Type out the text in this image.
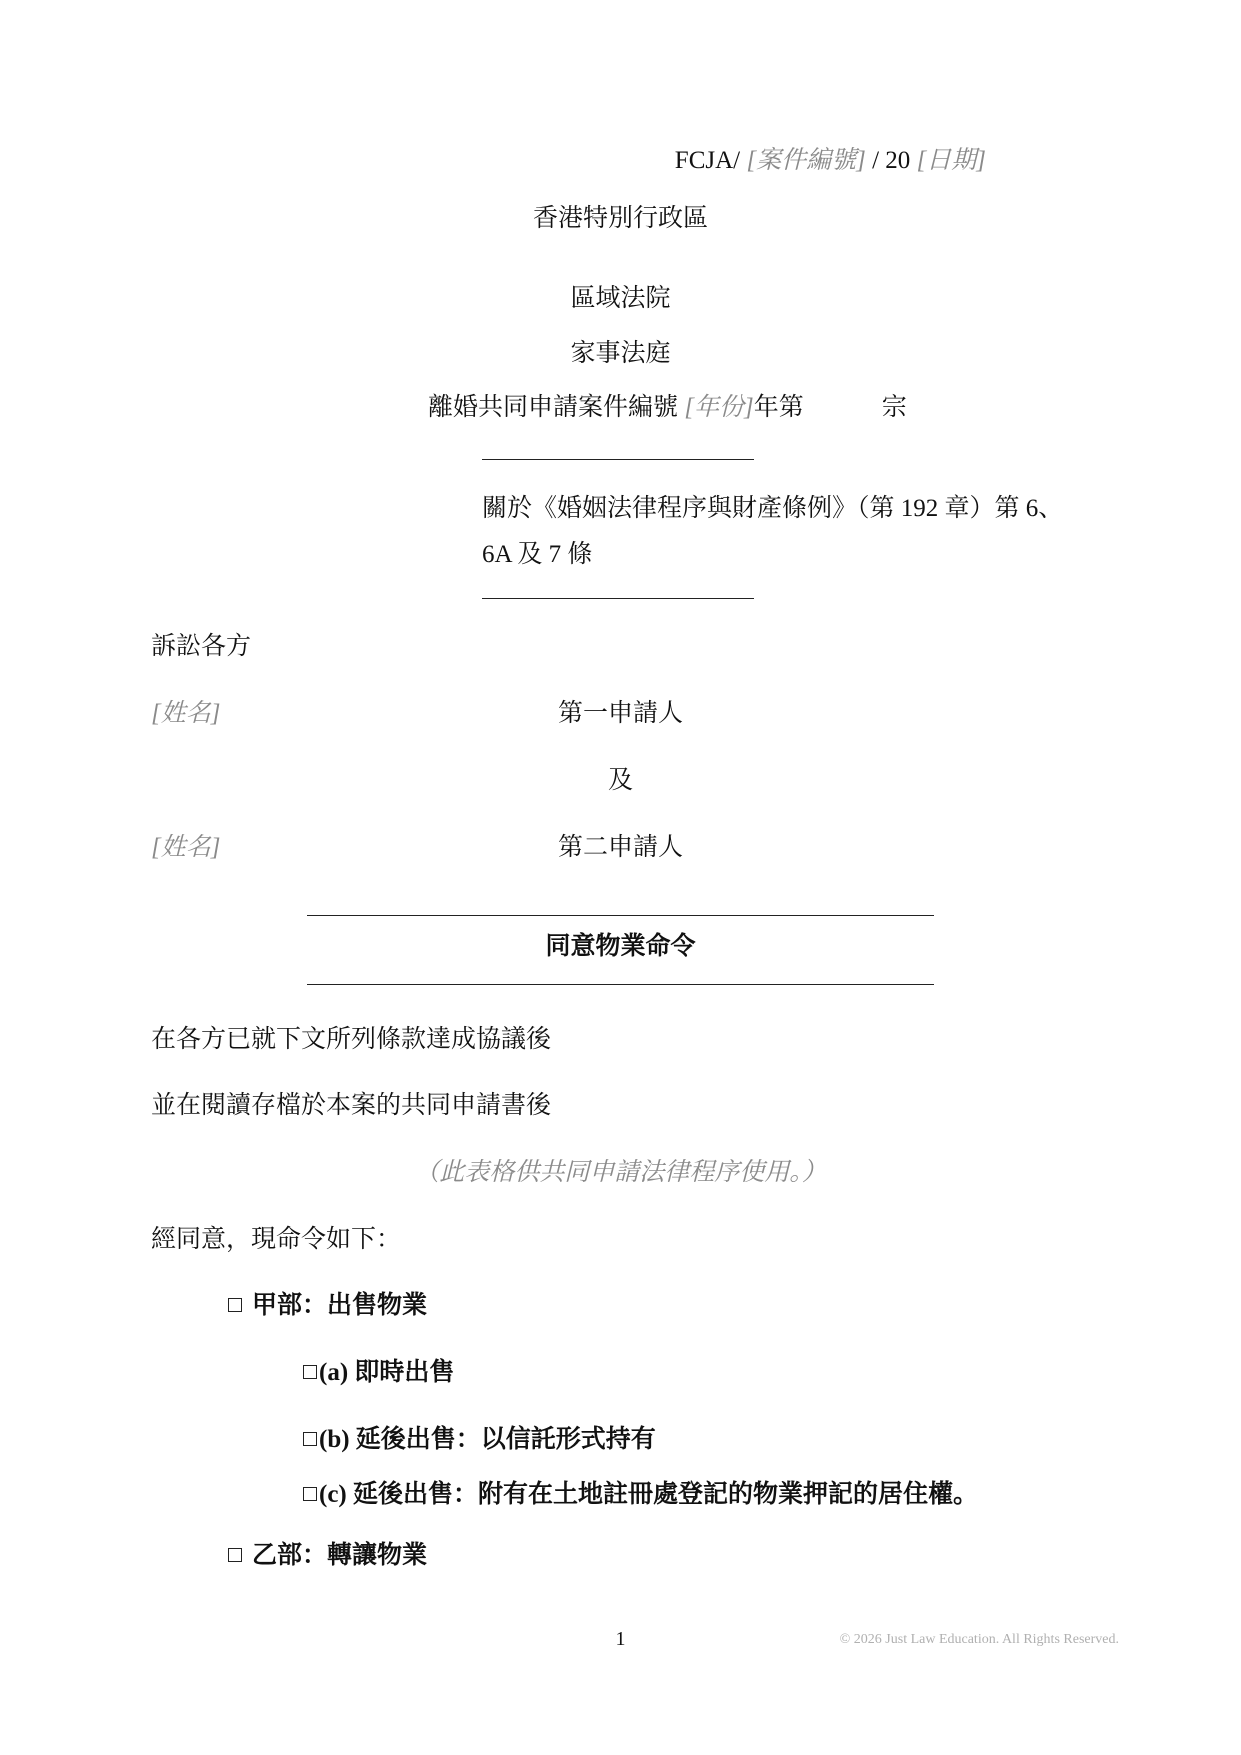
FCJA/ [案件編號] / 20 [日期]
香港特別行政區
區域法院
家事法庭
離婚共同申請案件編號 [年份]年第	宗
關於《婚姻法律程序與財產條例》（第 192 章）第 6、
6A 及 7 條
訴訟各方
[姓名]	第一申請人
及
[姓名]	第二申請人
同意物業命令
在各方已就下文所列條款達成協議後
並在閱讀存檔於本案的共同申請書後
（此表格供共同申請法律程序使用。）
經同意，現命令如下：
甲部：出售物業
(a) 即時出售
(b) 延後出售：以信託形式持有
(c) 延後出售：附有在土地註冊處登記的物業押記的居住權。
乙部：轉讓物業
1	© 2026 Just Law Education. All Rights Reserved.
